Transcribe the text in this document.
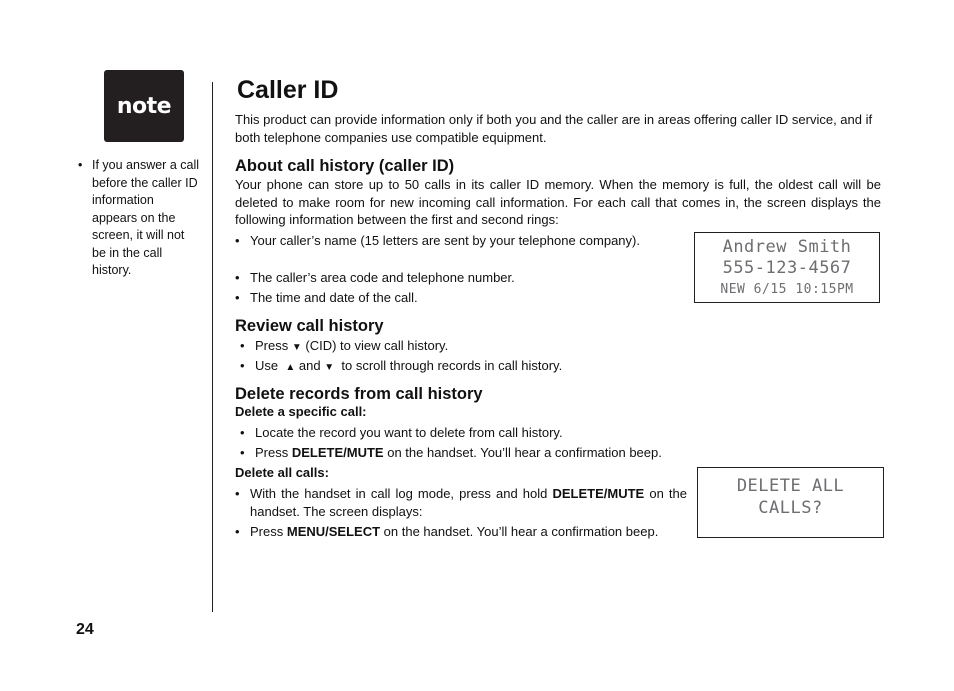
note
• If you answer a call before the caller ID information appears on the screen, it will not be in the call history.
24
Caller ID
This product can provide information only if both you and the caller are in areas offering caller ID service, and if both telephone companies use compatible equipment.
About call history (caller ID)
Your phone can store up to 50 calls in its caller ID memory. When the memory is full, the oldest call will be deleted to make room for new incoming call information. For each call that comes in, the screen displays the following information between the first and second rings:
• Your caller’s name (15 letters are sent by your telephone company).
• The caller’s area code and telephone number.
• The time and date of the call.
Andrew Smith
555-123-4567
NEW 6/15 10:15PM
Review call history
• Press ▼ (CID) to view call history.
• Use ▲ and ▼ to scroll through records in call history.
Delete records from call history
Delete a specific call:
• Locate the record you want to delete from call history.
• Press DELETE/MUTE on the handset. You’ll hear a confirmation beep.
Delete all calls:
• With the handset in call log mode, press and hold DELETE/MUTE on the handset. The screen displays:
• Press MENU/SELECT on the handset. You’ll hear a confirmation beep.
DELETE ALL
CALLS?
